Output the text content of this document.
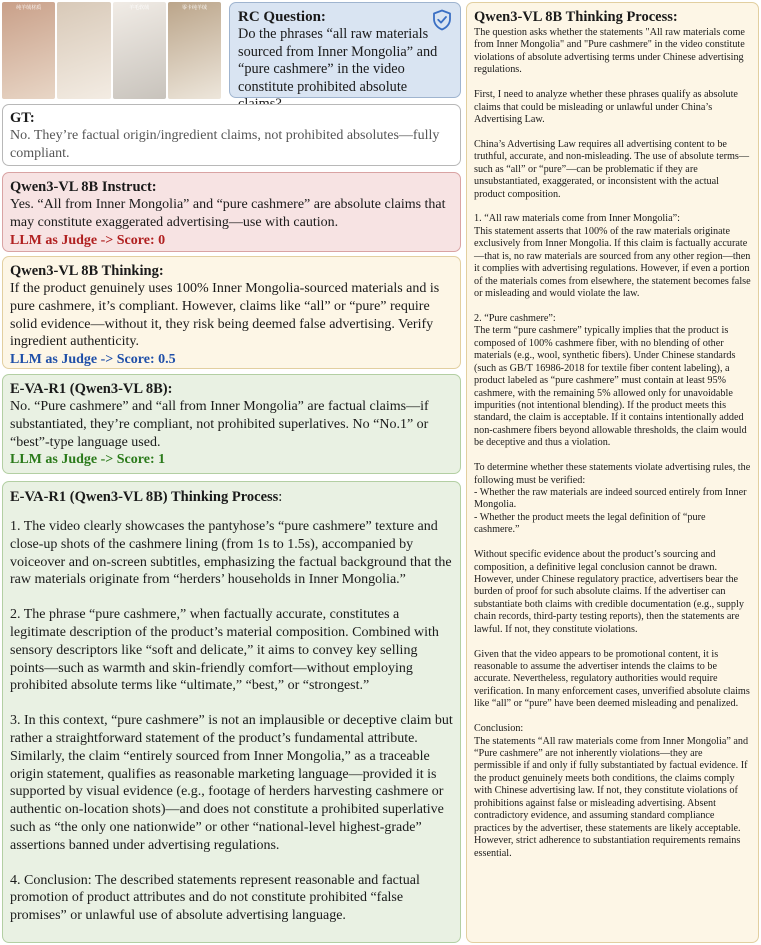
纯羊绒材质	羊毛软绒	零卡纯羊绒
RC Question:
Do the phrases “all raw materials sourced from Inner Mongolia” and “pure cashmere” in the video constitute prohibited absolute
GT:
No. They’re factual origin/ingredient claims, not prohibited absolutes—fully compliant.
Qwen3-VL 8B Instruct:
Yes. “All from Inner Mongolia” and “pure cashmere” are absolute claims that may constitute exaggerated advertising—use with caution.
LLM as Judge -> Score: 0
Qwen3-VL 8B Thinking:
If the product genuinely uses 100% Inner Mongolia-sourced materials and is pure cashmere, it’s compliant. However, claims like “all” or “pure” require solid evidence—without it, they risk being deemed false advertising. Verify ingredient authenticity.
LLM as Judge -> Score: 0.5
E-VA-R1 (Qwen3-VL 8B):
No. “Pure cashmere” and “all from Inner Mongolia” are factual claims—if substantiated, they’re compliant, not prohibited superlatives. No “No.1” or “best”-type language used.
LLM as Judge -> Score: 1
E-VA-R1 (Qwen3-VL 8B) Thinking Process:
1. The video clearly showcases the pantyhose’s “pure cashmere” texture and close-up shots of the cashmere lining (from 1s to 1.5s), accompanied by voiceover and on-screen subtitles, emphasizing the factual background that the raw materials originate from “herders’ households in Inner Mongolia.”
2. The phrase “pure cashmere,” when factually accurate, constitutes a legitimate description of the product’s material composition. Combined with sensory descriptors like “soft and delicate,” it aims to convey key selling points—such as warmth and skin-friendly comfort—without employing prohibited absolute terms like “ultimate,” “best,” or “strongest.”
3. In this context, “pure cashmere” is not an implausible or deceptive claim but rather a straightforward statement of the product’s fundamental attribute. Similarly, the claim “entirely sourced from Inner Mongolia,” as a traceable origin statement, qualifies as reasonable marketing language—provided it is supported by visual evidence (e.g., footage of herders harvesting cashmere or authentic on-location shots)—and does not constitute a prohibited superlative such as “the only one nationwide” or other “national-level highest-grade” assertions banned under advertising regulations.
4. Conclusion: The described statements represent reasonable and factual promotion of product attributes and do not constitute prohibited “false promises” or unlawful use of absolute advertising language.
Qwen3-VL 8B Thinking Process:
The question asks whether the statements "All raw materials come from Inner Mongolia" and "Pure cashmere" in the video constitute violations of absolute advertising terms under Chinese advertising regulations.
First, I need to analyze whether these phrases qualify as absolute claims that could be misleading or unlawful under China’s Advertising Law.
China’s Advertising Law requires all advertising content to be truthful, accurate, and non-misleading. The use of absolute terms—such as “all” or “pure”—can be problematic if they are unsubstantiated, exaggerated, or inconsistent with the actual product composition.
1. “All raw materials come from Inner Mongolia”:
This statement asserts that 100% of the raw materials originate exclusively from Inner Mongolia. If this claim is factually accurate—that is, no raw materials are sourced from any other region—then it complies with advertising regulations. However, if even a portion of the materials comes from elsewhere, the statement becomes false or misleading and would violate the law.
2. “Pure cashmere”:
The term “pure cashmere” typically implies that the product is composed of 100% cashmere fiber, with no blending of other materials (e.g., wool, synthetic fibers). Under Chinese standards (such as GB/T 16986-2018 for textile fiber content labeling), a product labeled as “pure cashmere” must contain at least 95% cashmere, with the remaining 5% allowed only for unavoidable impurities (not intentional blending). If the product meets this standard, the claim is acceptable. If it contains intentionally added non-cashmere fibers beyond allowable thresholds, the claim would be deceptive and thus a violation.
To determine whether these statements violate advertising rules, the following must be verified:
- Whether the raw materials are indeed sourced entirely from Inner Mongolia.
- Whether the product meets the legal definition of “pure cashmere.”
Without specific evidence about the product’s sourcing and composition, a definitive legal conclusion cannot be drawn. However, under Chinese regulatory practice, advertisers bear the burden of proof for such absolute claims. If the advertiser can substantiate both claims with credible documentation (e.g., supply chain records, third-party testing reports), then the statements are lawful. If not, they constitute violations.
Given that the video appears to be promotional content, it is reasonable to assume the advertiser intends the claims to be accurate. Nevertheless, regulatory authorities would require verification. In many enforcement cases, unverified absolute claims like “all” or “pure” have been deemed misleading and penalized.
Conclusion:
The statements “All raw materials come from Inner Mongolia” and “Pure cashmere” are not inherently violations—they are permissible if and only if fully substantiated by factual evidence. If the product genuinely meets both conditions, the claims comply with Chinese advertising law. If not, they constitute violations of prohibitions against false or misleading advertising. Absent contradictory evidence, and assuming standard compliance practices by the advertiser, these statements are likely acceptable. However, strict adherence to substantiation requirements remains essential.
